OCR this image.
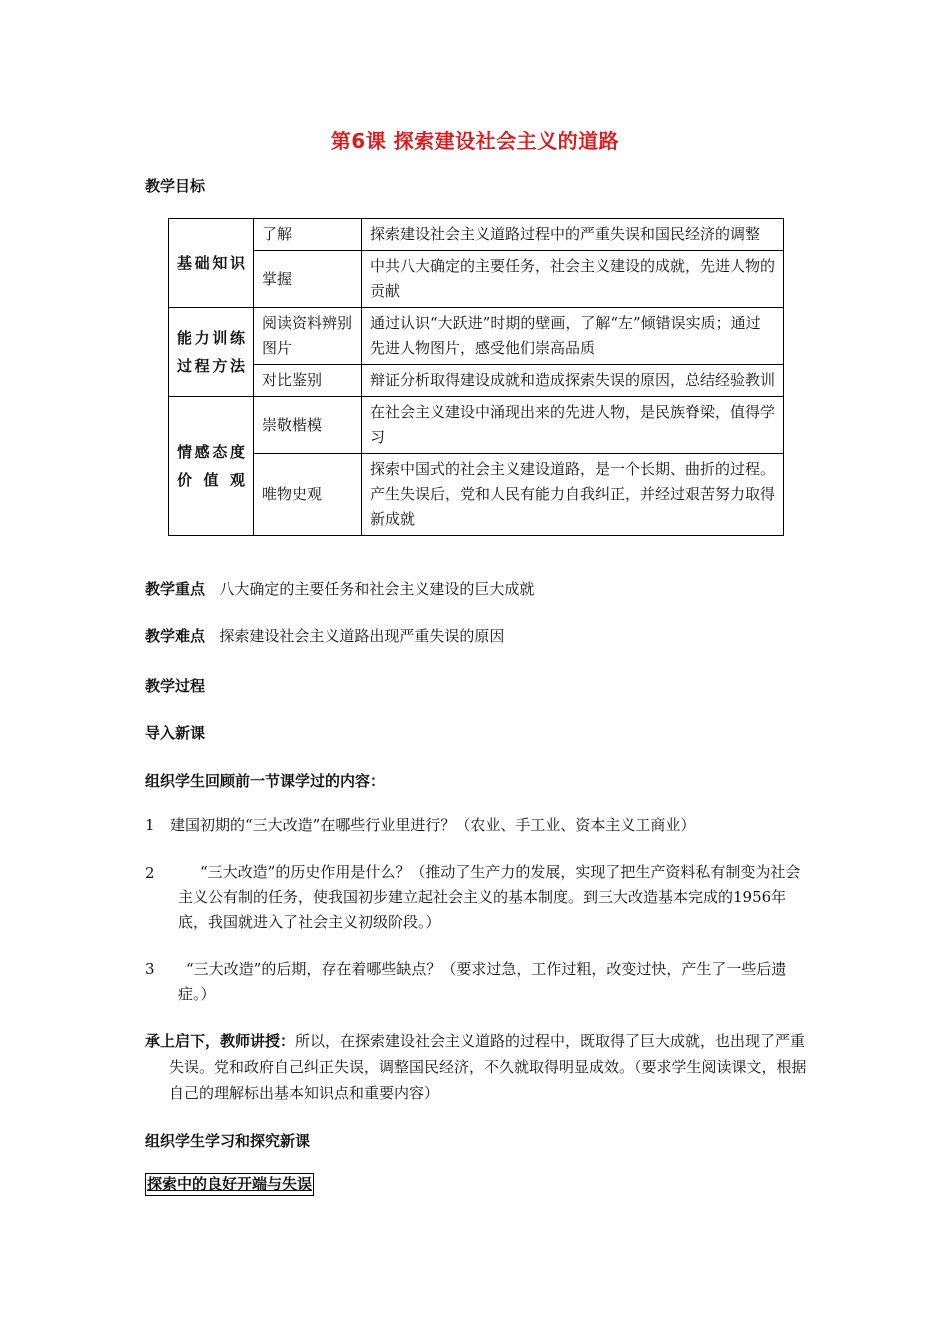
第6课 探索建设社会主义的道路
教学目标
基础知识	了解	探索建设社会主义道路过程中的严重失误和国民经济的调整
	掌握	中共八大确定的主要任务，社会主义建设的成就，先进人物的贡献
能力训练过程方法	阅读资料辨别图片	通过认识“大跃进”时期的壁画，了解“左”倾错误实质；通过先进人物图片，感受他们崇高品质
	对比鉴别	辩证分析取得建设成就和造成探索失误的原因，总结经验教训
情感态度价值观	崇敬楷模	在社会主义建设中涌现出来的先进人物，是民族脊梁，值得学习
	唯物史观	探索中国式的社会主义建设道路，是一个长期、曲折的过程。产生失误后，党和人民有能力自我纠正，并经过艰苦努力取得新成就
教学重点 八大确定的主要任务和社会主义建设的巨大成就
教学难点 探索建设社会主义道路出现严重失误的原因
教学过程
导入新课
组织学生回顾前一节课学过的内容：
1 建国初期的“三大改造”在哪些行业里进行？（农业、手工业、资本主义工商业）
2	“三大改造”的历史作用是什么？（推动了生产力的发展，实现了把生产资料私有制变为社会主义公有制的任务，使我国初步建立起社会主义的基本制度。到三大改造基本完成的1956年底，我国就进入了社会主义初级阶段。）
3	“三大改造”的后期，存在着哪些缺点？（要求过急，工作过粗，改变过快，产生了一些后遗症。）
承上启下，教师讲授：所以，在探索建设社会主义道路的过程中，既取得了巨大成就，也出现了严重失误。党和政府自己纠正失误，调整国民经济，不久就取得明显成效。（要求学生阅读课文，根据自己的理解标出基本知识点和重要内容）
组织学生学习和探究新课
探索中的良好开端与失误
